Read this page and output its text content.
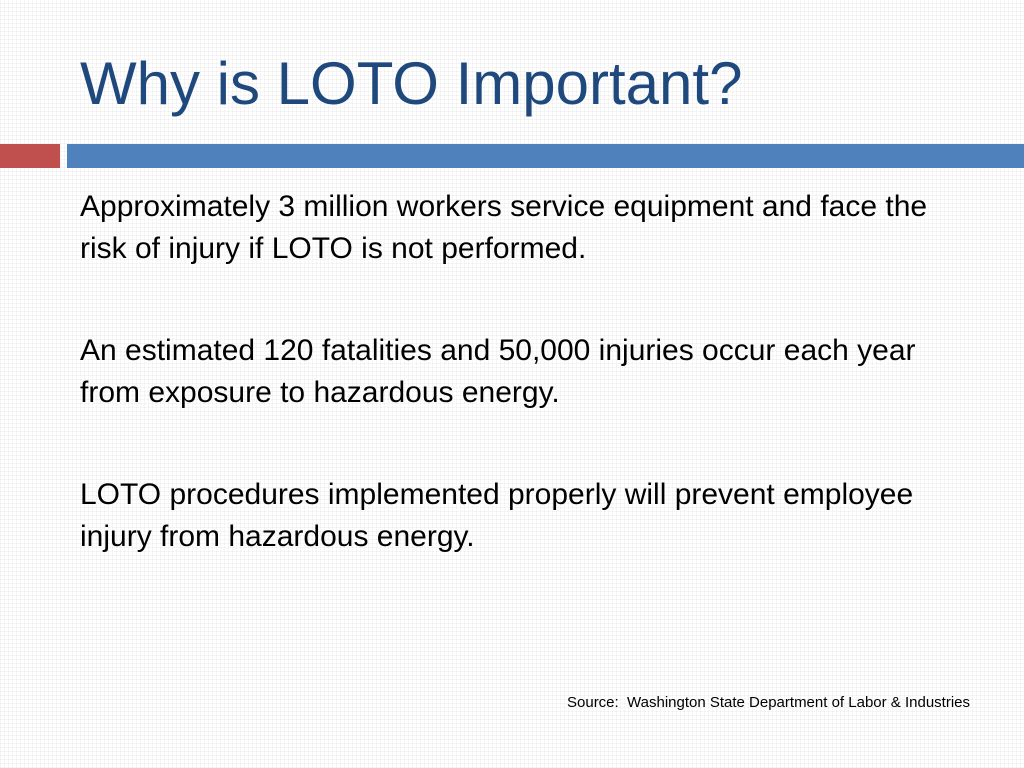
Why is LOTO Important?

Approximately 3 million workers service equipment and face the risk of injury if LOTO is not performed.

An estimated 120 fatalities and 50,000 injuries occur each year from exposure to hazardous energy.

LOTO procedures implemented properly will prevent employee injury from hazardous energy.

Source:  Washington State Department of Labor & Industries
